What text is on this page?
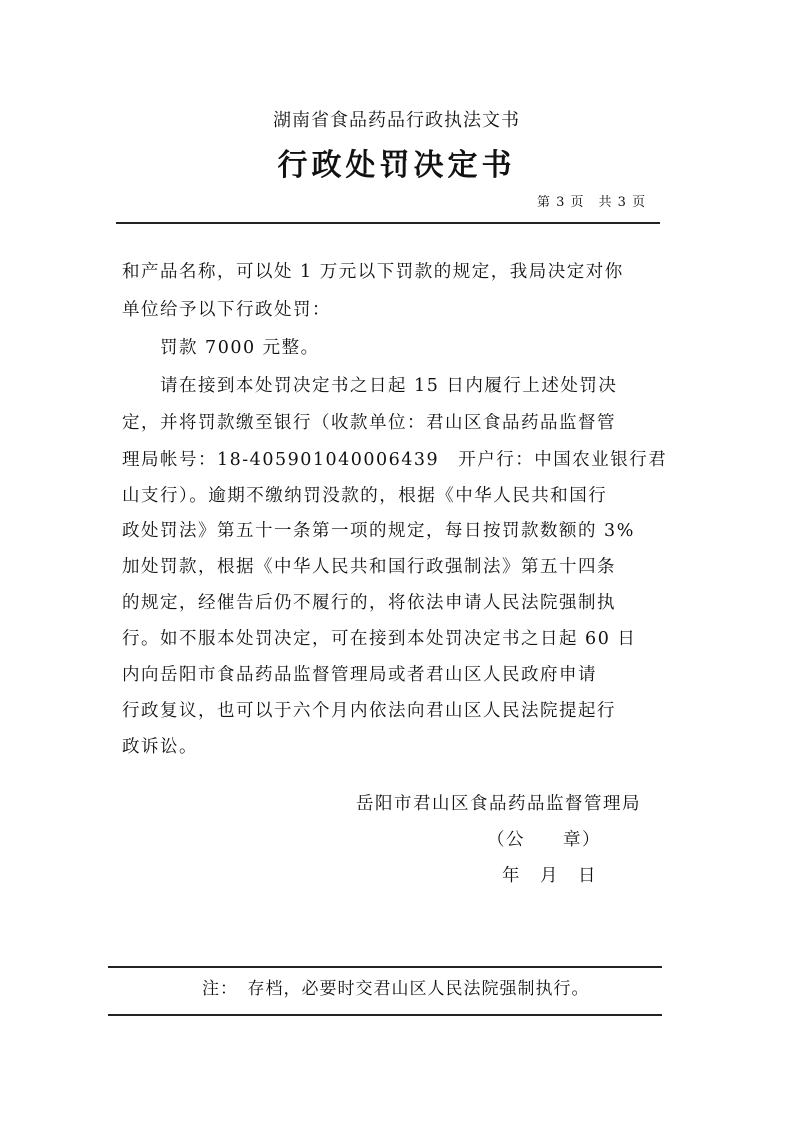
湖南省食品药品行政执法文书
行政处罚决定书
第 3 页　共 3 页
和产品名称，可以处 1 万元以下罚款的规定，我局决定对你
单位给予以下行政处罚：
　　罚款 7000 元整。
　　请在接到本处罚决定书之日起 15 日内履行上述处罚决
定，并将罚款缴至银行（收款单位：君山区食品药品监督管
理局帐号：18-405901040006439　开户行：中国农业银行君
山支行）。逾期不缴纳罚没款的，根据《中华人民共和国行
政处罚法》第五十一条第一项的规定，每日按罚款数额的 3%
加处罚款，根据《中华人民共和国行政强制法》第五十四条
的规定，经催告后仍不履行的，将依法申请人民法院强制执
行。如不服本处罚决定，可在接到本处罚决定书之日起 60 日
内向岳阳市食品药品监督管理局或者君山区人民政府申请
行政复议，也可以于六个月内依法向君山区人民法院提起行
政诉讼。
岳阳市君山区食品药品监督管理局
（公　　章）
年　月　日
注：　存档，必要时交君山区人民法院强制执行。
